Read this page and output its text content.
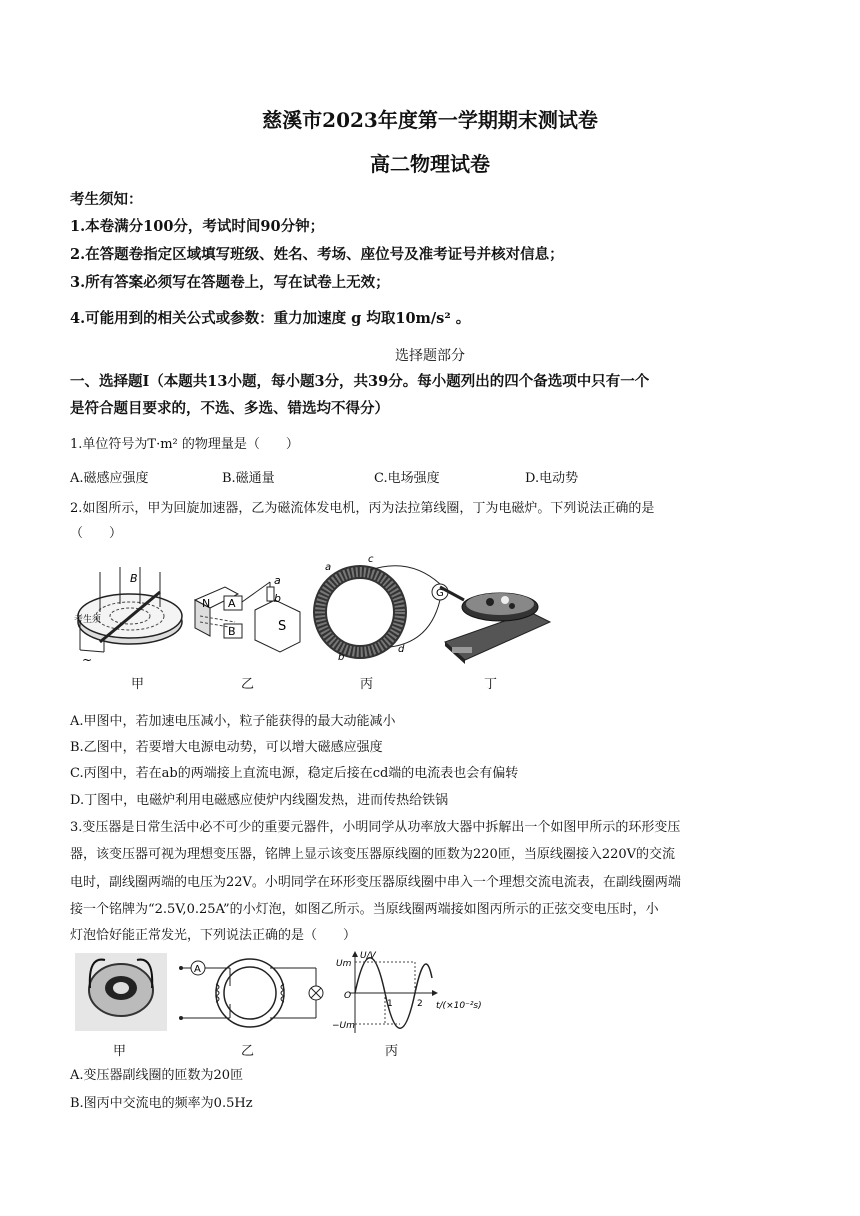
慈溪市2023年度第一学期期末测试卷
高二物理试卷
考生须知：
1.本卷满分100分，考试时间90分钟；
2.在答题卷指定区域填写班级、姓名、考场、座位号及准考证号并核对信息；
3.所有答案必须写在答题卷上，写在试卷上无效；
4.可能用到的相关公式或参数：重力加速度 g 均取10m/s² 。
选择题部分
一、选择题Ⅰ（本题共13小题，每小题3分，共39分。每小题列出的四个备选项中只有一个
是符合题目要求的，不选、多选、错选均不得分）
1.单位符号为T·m² 的物理量是（　　）
A.磁感应强度	B.磁通量	C.电场强度	D.电动势
2.如图所示，甲为回旋加速器，乙为磁流体发电机，丙为法拉第线圈，丁为电磁炉。下列说法正确的是
（　　）
B
~
考生须
N A
B	S
a
b	G
a
c
b
d
甲	乙	丙	丁
A.甲图中，若加速电压减小，粒子能获得的最大动能减小
B.乙图中，若要增大电源电动势，可以增大磁感应强度
C.丙图中，若在ab的两端接上直流电源，稳定后接在cd端的电流表也会有偏转
D.丁图中，电磁炉利用电磁感应使炉内线圈发热，进而传热给铁锅
3.变压器是日常生活中必不可少的重要元器件，小明同学从功率放大器中拆解出一个如图甲所示的环形变压
器，该变压器可视为理想变压器，铭牌上显示该变压器原线圈的匝数为220匝，当原线圈接入220V的交流
电时，副线圈两端的电压为22V。小明同学在环形变压器原线圈中串入一个理想交流电流表，在副线圈两端
接一个铭牌为“2.5V,0.25A”的小灯泡，如图乙所示。当原线圈两端接如图丙所示的正弦交变电压时，小
灯泡恰好能正常发光，下列说法正确的是（　　）
A
U/V
Um
−Um
O
1	2 t/(×10⁻²s)
甲	乙	丙
A.变压器副线圈的匝数为20匝
B.图丙中交流电的频率为0.5Hz
